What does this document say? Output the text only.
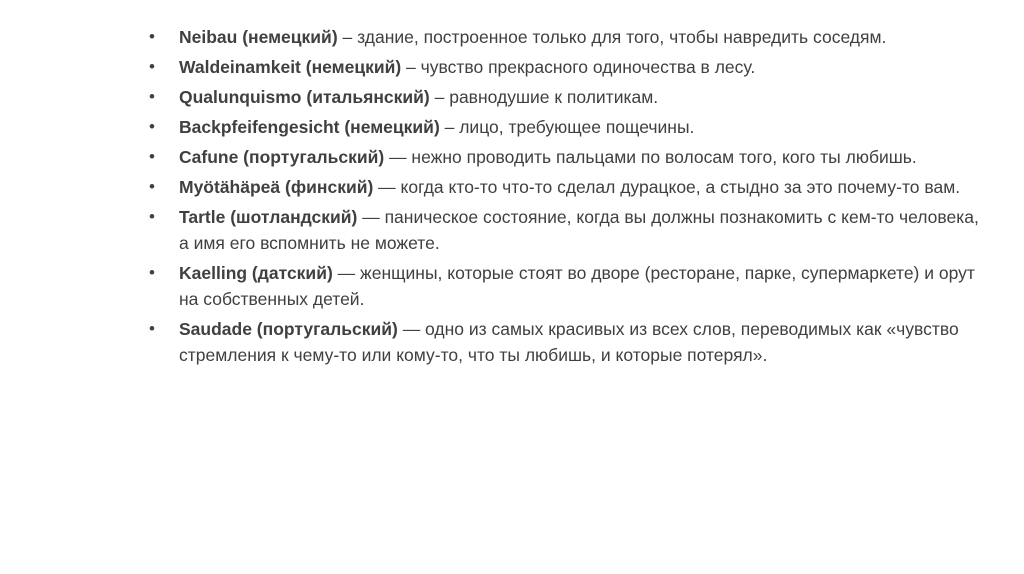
• Neibau (немецкий) – здание, построенное только для того, чтобы навредить соседям.
• Waldeinamkeit (немецкий) – чувство прекрасного одиночества в лесу.
• Qualunquismo (итальянский) – равнодушие к политикам.
• Backpfeifengesicht (немецкий) – лицо, требующее пощечины.
• Cafune (португальский) — нежно проводить пальцами по волосам того, кого ты любишь.
• Myötähäpeä (финский) — когда кто-то что-то сделал дурацкое, а стыдно за это почему-то вам.
• Tartle (шотландский) — паническое состояние, когда вы должны познакомить с кем-то человека, а имя его вспомнить не можете.
• Kaelling (датский) — женщины, которые стоят во дворе (ресторане, парке, супермаркете) и орут на собственных детей.
• Saudade (португальский) — одно из самых красивых из всех слов, переводимых как «чувство стремления к чему-то или кому-то, что ты любишь, и которые потерял».
